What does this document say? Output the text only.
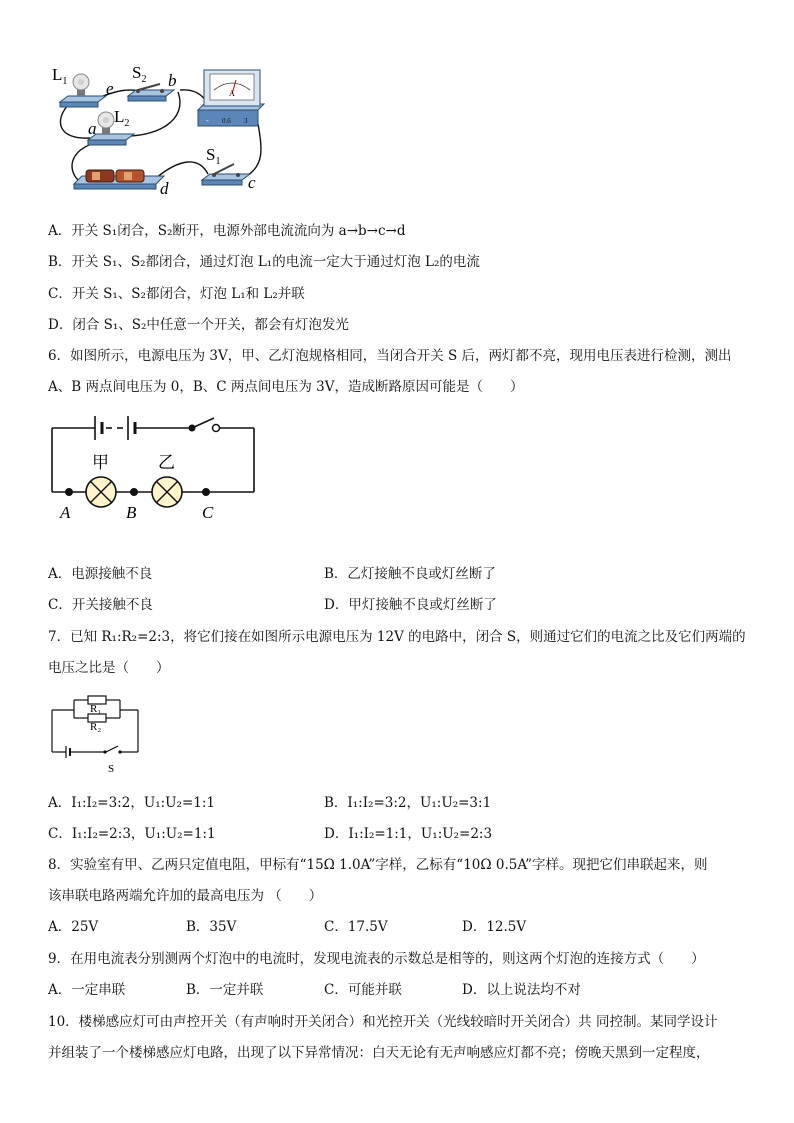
A
- 0.6 3
$L_1$	$S_2$
$L_2$
$S_1$
e	b
a
c
d
A．开关 S₁闭合，S₂断开，电源外部电流流向为 a→b→c→d
B．开关 S₁、S₂都闭合，通过灯泡 L₁的电流一定大于通过灯泡 L₂的电流
C．开关 S₁、S₂都闭合，灯泡 L₁和 L₂并联
D．闭合 S₁、S₂中任意一个开关，都会有灯泡发光
6．如图所示，电源电压为 3V，甲、乙灯泡规格相同，当闭合开关 S 后，两灯都不亮，现用电压表进行检测，测出
A、B 两点间电压为 0，B、C 两点间电压为 3V，造成断路原因可能是（　　）
甲	乙
A	B	C
A．电源接触不良	B．乙灯接触不良或灯丝断了
C．开关接触不良	D．甲灯接触不良或灯丝断了
7．已知 R₁:R₂=2:3，将它们接在如图所示电源电压为 12V 的电路中，闭合 S，则通过它们的电流之比及它们两端的
电压之比是（　　）
R₁
R₂
S
A．I₁:I₂=3:2，U₁:U₂=1:1	B．I₁:I₂=3:2，U₁:U₂=3:1
C．I₁:I₂=2:3，U₁:U₂=1:1	D．I₁:I₂=1:1，U₁:U₂=2:3
8．实验室有甲、乙两只定值电阻，甲标有“15Ω 1.0A”字样，乙标有“10Ω 0.5A”字样。现把它们串联起来，则
该串联电路两端允许加的最高电压为 （　　）
A．25V	B．35V	C．17.5V	D．12.5V
9．在用电流表分别测两个灯泡中的电流时，发现电流表的示数总是相等的，则这两个灯泡的连接方式（　　）
A．一定串联	B．一定并联	C．可能并联	D．以上说法均不对
10．楼梯感应灯可由声控开关（有声响时开关闭合）和光控开关（光线较暗时开关闭合）共 同控制。某同学设计
并组装了一个楼梯感应灯电路，出现了以下异常情况：白天无论有无声响感应灯都不亮；傍晚天黑到一定程度，
